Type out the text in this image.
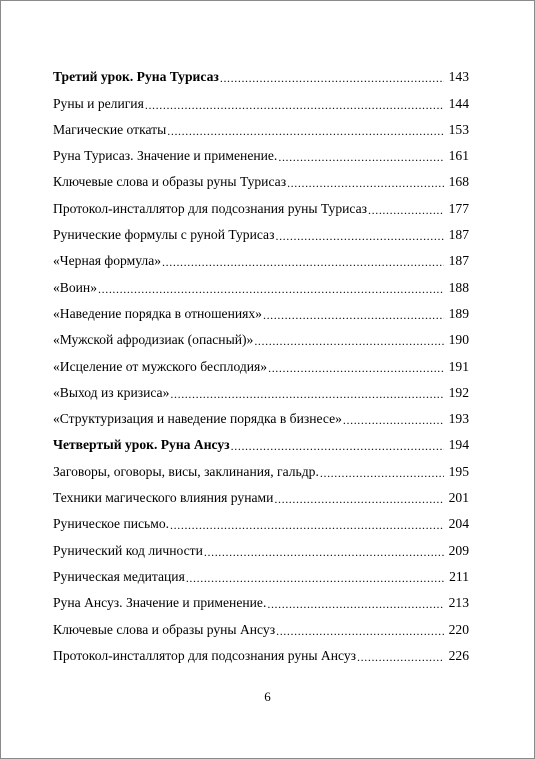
Третий урок. Руна Турисаз .....	143
Руны и религия .....	144
Магические откаты .....	153
Руна Турисаз. Значение и применение. .....	161
Ключевые слова и образы руны Турисаз .....	168
Протокол-инсталлятор для подсознания руны Турисаз .....	177
Рунические формулы с руной Турисаз .....	187
«Черная формула» .....	187
«Воин» .....	188
«Наведение порядка в отношениях» .....	189
«Мужской афродизиак (опасный)» .....	190
«Исцеление от мужского бесплодия» .....	191
«Выход из кризиса» .....	192
«Структуризация и наведение порядка в бизнесе» .....	193
Четвертый урок. Руна Ансуз .....	194
Заговоры, оговоры, висы, заклинания, гальдр. .....	195
Техники магического влияния рунами .....	201
Руническое письмо. .....	204
Рунический код личности .....	209
Руническая медитация .....	211
Руна Ансуз. Значение и применение. .....	213
Ключевые слова и образы руны Ансуз .....	220
Протокол-инсталлятор для подсознания руны Ансуз .....	226
6
